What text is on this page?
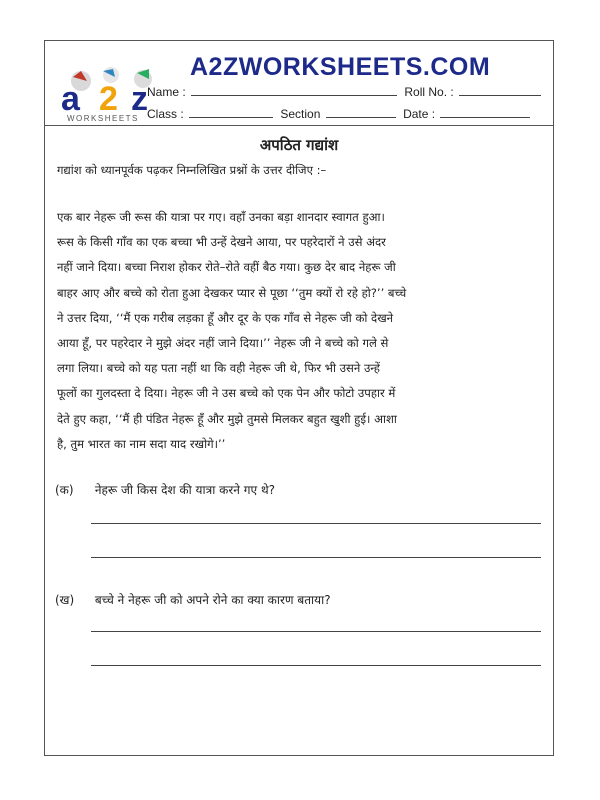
a 2 z
WORKSHEETS
A2ZWORKSHEETS.COM
Name :	Roll No. :
Class :	Section	Date :
अपठित गद्यांश
गद्यांश को ध्यानपूर्वक पढ़कर निम्नलिखित प्रश्नों के उत्तर दीजिए :–
एक बार नेहरू जी रूस की यात्रा पर गए। वहाँ उनका बड़ा शानदार स्वागत हुआ।
रूस के किसी गाँव का एक बच्चा भी उन्हें देखने आया, पर पहरेदारों ने उसे अंदर
नहीं जाने दिया। बच्चा निराश होकर रोते–रोते वहीं बैठ गया। कुछ देर बाद नेहरू जी
बाहर आए और बच्चे को रोता हुआ देखकर प्यार से पूछा ‘‘तुम क्यों रो रहे हो?’’ बच्चे
ने उत्तर दिया, ‘‘मैं एक गरीब लड़का हूँ और दूर के एक गाँव से नेहरू जी को देखने
आया हूँ, पर पहरेदार ने मुझे अंदर नहीं जाने दिया।’’ नेहरू जी ने बच्चे को गले से
लगा लिया। बच्चे को यह पता नहीं था कि वही नेहरू जी थे, फिर भी उसने उन्हें
फूलों का गुलदस्ता दे दिया। नेहरू जी ने उस बच्चे को एक पेन और फोटो उपहार में
देते हुए कहा, ‘‘मैं ही पंडित नेहरू हूँ और मुझे तुमसे मिलकर बहुत खुशी हुई। आशा
है, तुम भारत का नाम सदा याद रखोगे।’’
(क) नेहरू जी किस देश की यात्रा करने गए थे?
(ख) बच्चे ने नेहरू जी को अपने रोने का क्या कारण बताया?
